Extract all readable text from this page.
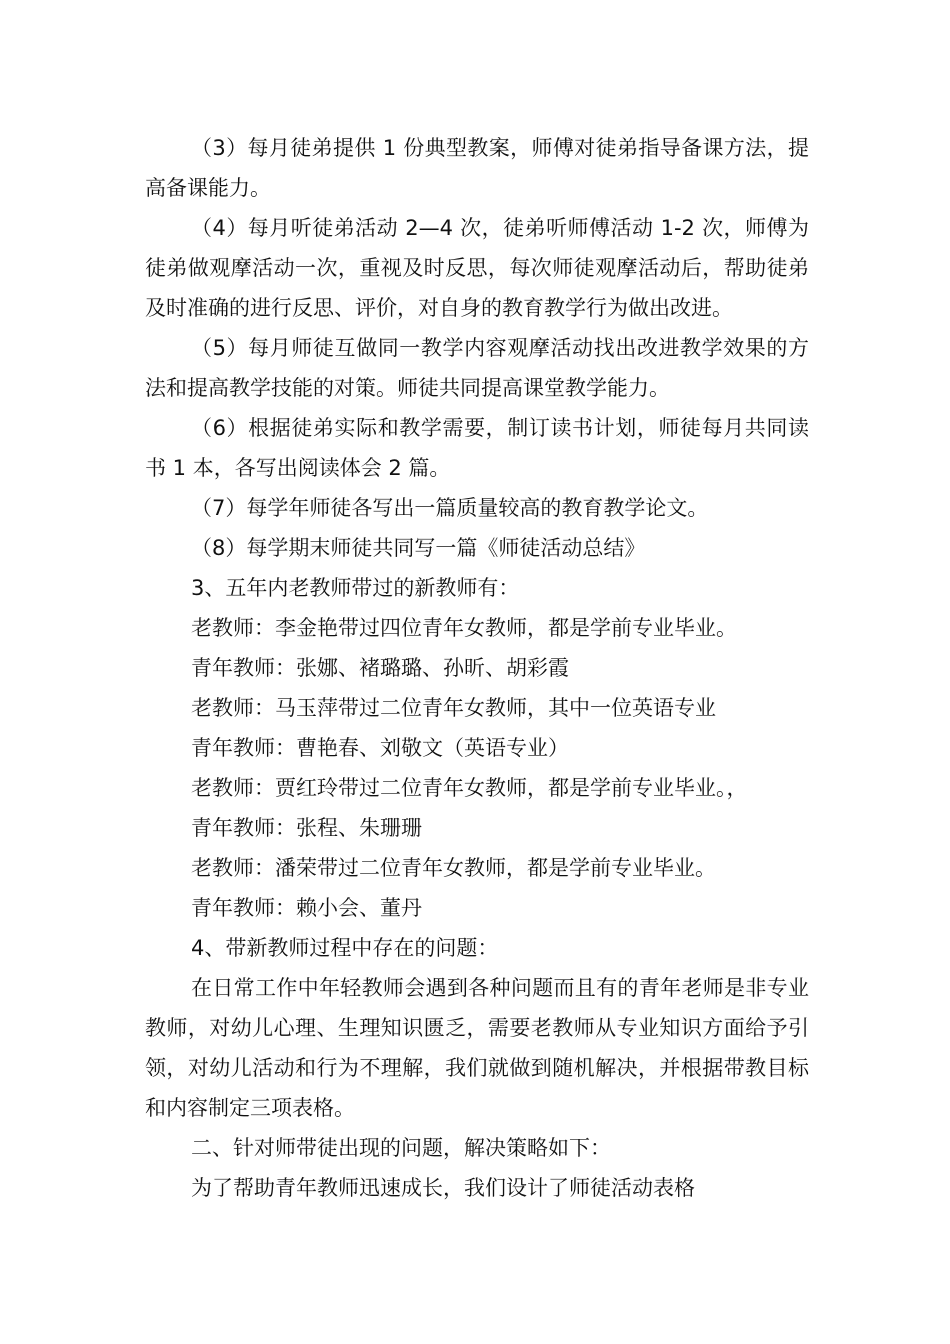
（3）每月徒弟提供 1 份典型教案，师傅对徒弟指导备课方法，提高备课能力。

（4）每月听徒弟活动 2—4 次，徒弟听师傅活动 1-2 次，师傅为徒弟做观摩活动一次，重视及时反思，每次师徒观摩活动后，帮助徒弟及时准确的进行反思、评价，对自身的教育教学行为做出改进。

（5）每月师徒互做同一教学内容观摩活动找出改进教学效果的方法和提高教学技能的对策。师徒共同提高课堂教学能力。

（6）根据徒弟实际和教学需要，制订读书计划，师徒每月共同读书 1 本，各写出阅读体会 2 篇。

（7）每学年师徒各写出一篇质量较高的教育教学论文。

（8）每学期末师徒共同写一篇《师徒活动总结》

3、五年内老教师带过的新教师有：

老教师：李金艳带过四位青年女教师，都是学前专业毕业。

青年教师：张娜、褚璐璐、孙昕、胡彩霞

老教师：马玉萍带过二位青年女教师，其中一位英语专业

青年教师：曹艳春、刘敬文（英语专业）

老教师：贾红玲带过二位青年女教师，都是学前专业毕业。，

青年教师：张程、朱珊珊

老教师：潘荣带过二位青年女教师，都是学前专业毕业。

青年教师：赖小会、董丹

4、带新教师过程中存在的问题：

在日常工作中年轻教师会遇到各种问题而且有的青年老师是非专业教师，对幼儿心理、生理知识匮乏，需要老教师从专业知识方面给予引领，对幼儿活动和行为不理解，我们就做到随机解决，并根据带教目标和内容制定三项表格。

二、针对师带徒出现的问题，解决策略如下：

为了帮助青年教师迅速成长，我们设计了师徒活动表格
